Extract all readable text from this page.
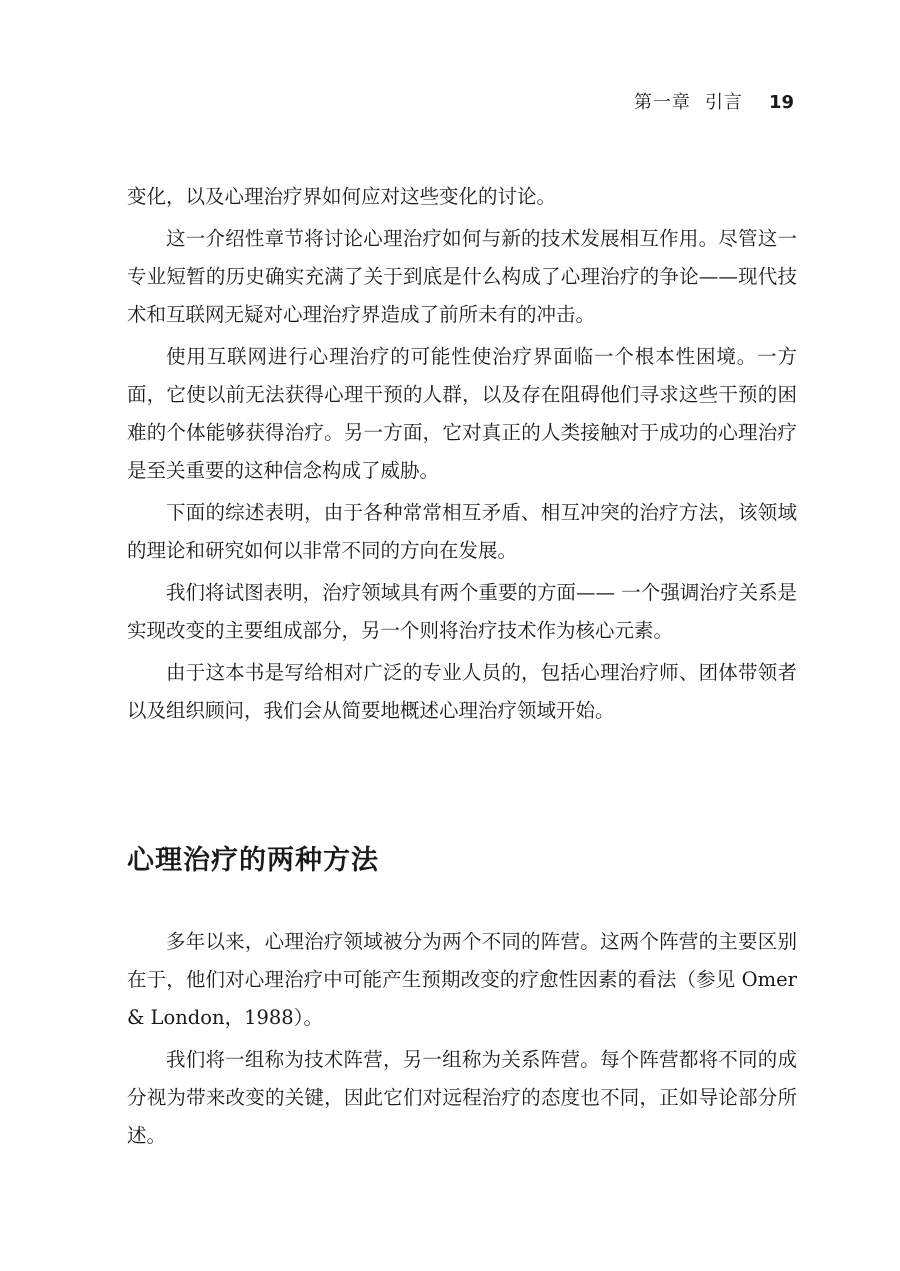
第一章 引言 19

变化，以及心理治疗界如何应对这些变化的讨论。

这一介绍性章节将讨论心理治疗如何与新的技术发展相互作用。尽管这一专业短暂的历史确实充满了关于到底是什么构成了心理治疗的争论——现代技术和互联网无疑对心理治疗界造成了前所未有的冲击。

使用互联网进行心理治疗的可能性使治疗界面临一个根本性困境。一方面，它使以前无法获得心理干预的人群，以及存在阻碍他们寻求这些干预的困难的个体能够获得治疗。另一方面，它对真正的人类接触对于成功的心理治疗是至关重要的这种信念构成了威胁。

下面的综述表明，由于各种常常相互矛盾、相互冲突的治疗方法，该领域的理论和研究如何以非常不同的方向在发展。

我们将试图表明，治疗领域具有两个重要的方面—— 一个强调治疗关系是实现改变的主要组成部分，另一个则将治疗技术作为核心元素。

由于这本书是写给相对广泛的专业人员的，包括心理治疗师、团体带领者以及组织顾问，我们会从简要地概述心理治疗领域开始。

心理治疗的两种方法

多年以来，心理治疗领域被分为两个不同的阵营。这两个阵营的主要区别在于，他们对心理治疗中可能产生预期改变的疗愈性因素的看法（参见 Omer & London，1988）。

我们将一组称为技术阵营，另一组称为关系阵营。每个阵营都将不同的成分视为带来改变的关键，因此它们对远程治疗的态度也不同，正如导论部分所述。
